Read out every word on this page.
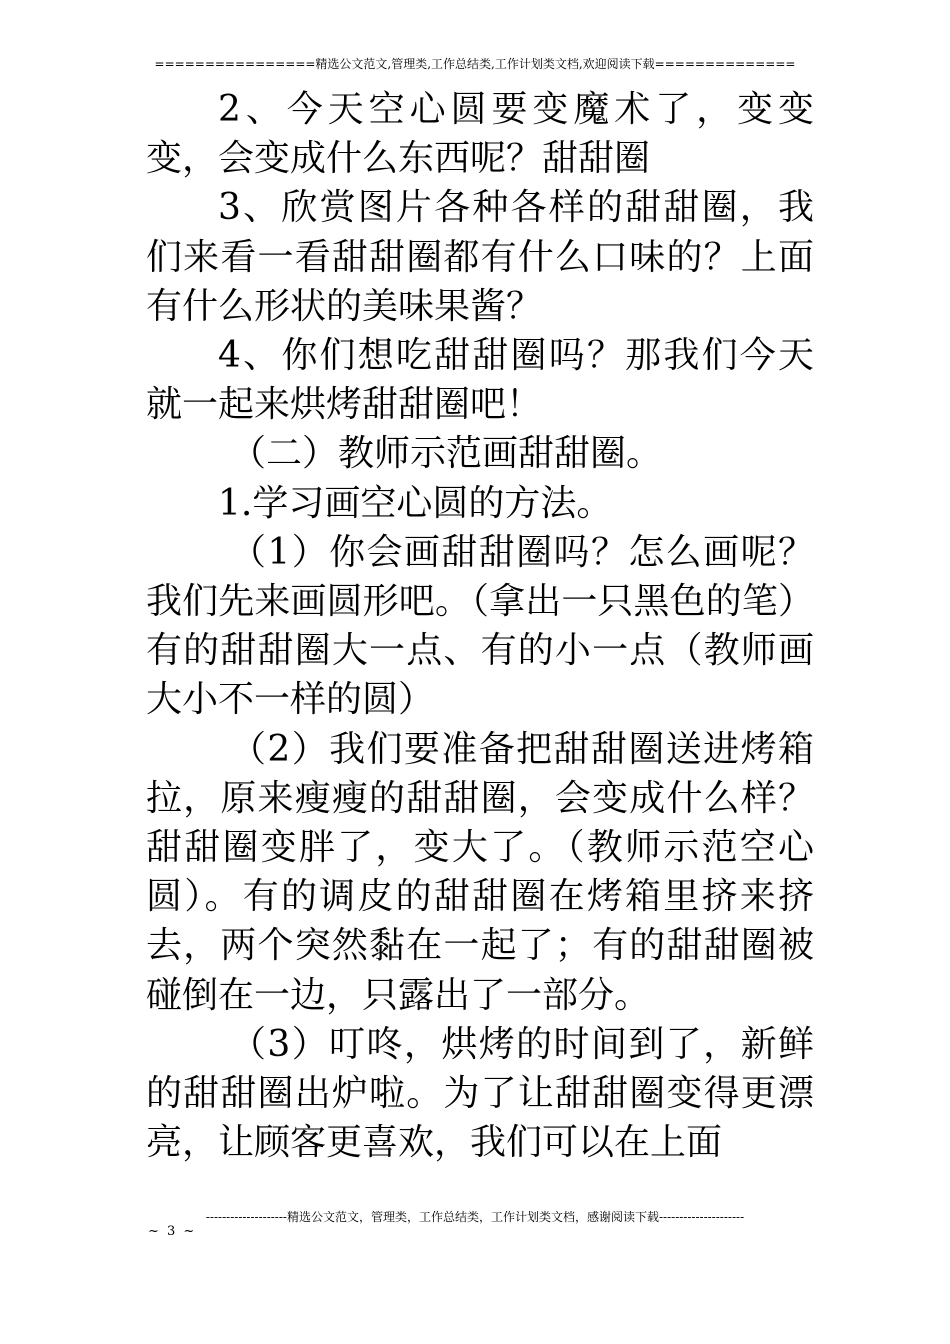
================精选公文范文,管理类,工作总结类,工作计划类文档,欢迎阅读下载==============

2、今天空心圆要变魔术了，变变变，会变成什么东西呢？甜甜圈

3、欣赏图片各种各样的甜甜圈，我们来看一看甜甜圈都有什么口味的？上面有什么形状的美味果酱？

4、你们想吃甜甜圈吗？那我们今天就一起来烘烤甜甜圈吧！

（二）教师示范画甜甜圈。

1.学习画空心圆的方法。

（1）你会画甜甜圈吗？怎么画呢？我们先来画圆形吧。（拿出一只黑色的笔）有的甜甜圈大一点、有的小一点（教师画大小不一样的圆）

（2）我们要准备把甜甜圈送进烤箱拉，原来瘦瘦的甜甜圈，会变成什么样？甜甜圈变胖了，变大了。（教师示范空心圆）。有的调皮的甜甜圈在烤箱里挤来挤去，两个突然黏在一起了；有的甜甜圈被碰倒在一边，只露出了一部分。

（3）叮咚，烘烤的时间到了，新鲜的甜甜圈出炉啦。为了让甜甜圈变得更漂亮，让顾客更喜欢，我们可以在上面

--------------------精选公文范文，管理类，工作总结类，工作计划类文档，感谢阅读下载---------------------
~ 3 ~
